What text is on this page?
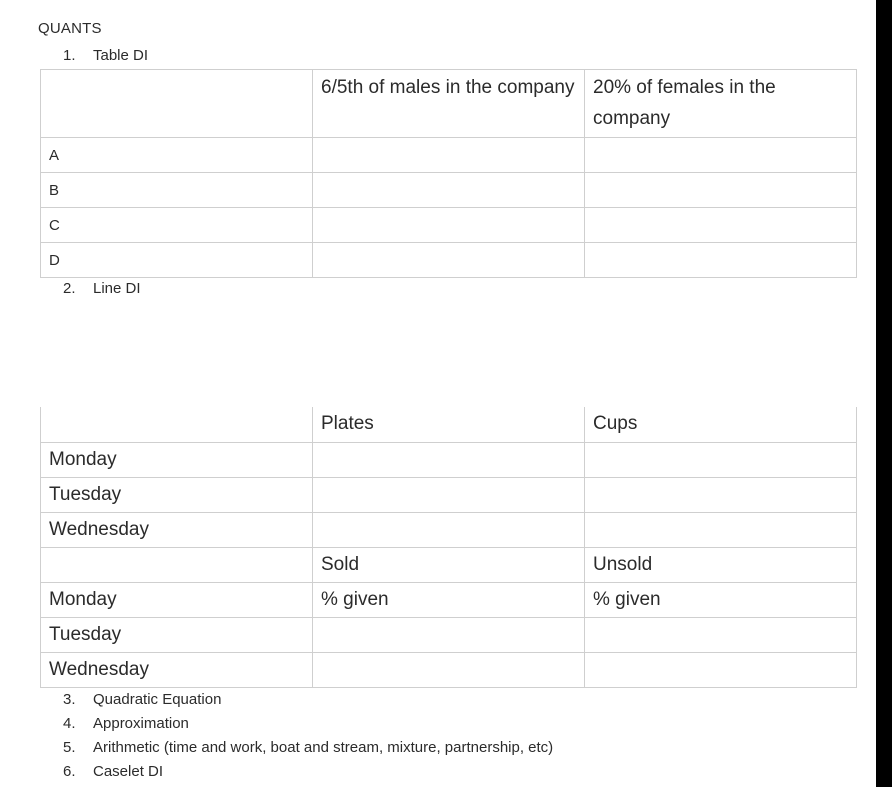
QUANTS
1. Table DI
	6/5th of males in the company	20% of females in the company
A		
B		
C		
D		
2. Line DI
	Plates	Cups
Monday		
Tuesday		
Wednesday		
	Sold	Unsold
Monday	% given	% given
Tuesday		
Wednesday		
3. Quadratic Equation
4. Approximation
5. Arithmetic (time and work, boat and stream, mixture, partnership, etc)
6. Caselet DI
